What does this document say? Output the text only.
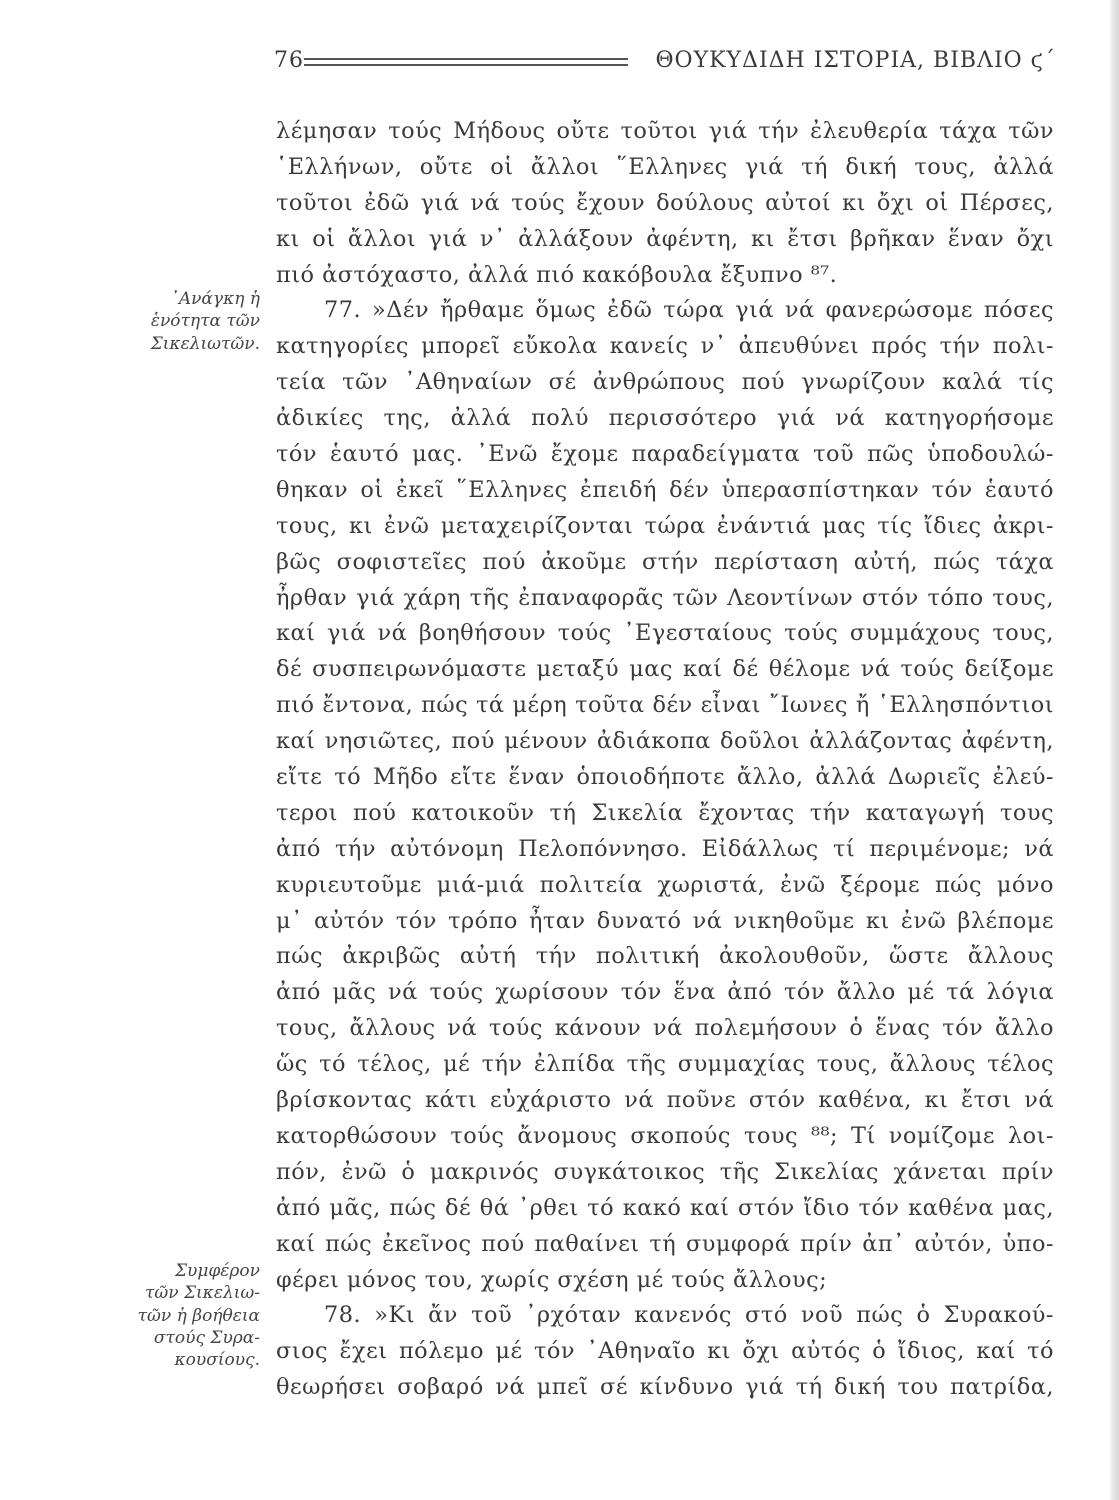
76	ΘΟΥΚΥΔΙΔΗ ΙΣΤΟΡΙΑ, ΒΙΒΛΙΟ ϛ΄
᾿Ανάγκη ἡ
ἑνότητα τῶν
Σικελιωτῶν.
Συμφέρον
τῶν Σικελιω-
τῶν ἡ βοήθεια
στούς Συρα-
κουσίους.
λέμησαν τούς Μήδους οὔτε τοῦτοι γιά τήν ἐλευθερία τάχα τῶν
῾Ελλήνων, οὔτε οἱ ἄλλοι ῞Ελληνες γιά τή δική τους, ἀλλά
τοῦτοι ἐδῶ γιά νά τούς ἔχουν δούλους αὐτοί κι ὄχι οἱ Πέρσες,
κι οἱ ἄλλοι γιά ν᾿ ἀλλάξουν ἀφέντη, κι ἔτσι βρῆκαν ἕναν ὄχι
πιό ἀστόχαστο, ἀλλά πιό κακόβουλα ἔξυπνο ⁸⁷.
77. »Δέν ἤρθαμε ὅμως ἐδῶ τώρα γιά νά φανερώσομε πόσες
κατηγορίες μπορεῖ εὔκολα κανείς ν᾿ ἀπευθύνει πρός τήν πολι-
τεία τῶν ᾿Αθηναίων σέ ἀνθρώπους πού γνωρίζουν καλά τίς
ἀδικίες της, ἀλλά πολύ περισσότερο γιά νά κατηγορήσομε
τόν ἑαυτό μας. ᾿Ενῶ ἔχομε παραδείγματα τοῦ πῶς ὑποδουλώ-
θηκαν οἱ ἐκεῖ ῞Ελληνες ἐπειδή δέν ὑπερασπίστηκαν τόν ἑαυτό
τους, κι ἐνῶ μεταχειρίζονται τώρα ἐνάντιά μας τίς ἴδιες ἀκρι-
βῶς σοφιστεῖες πού ἀκοῦμε στήν περίσταση αὐτή, πώς τάχα
ἦρθαν γιά χάρη τῆς ἐπαναφορᾶς τῶν Λεοντίνων στόν τόπο τους,
καί γιά νά βοηθήσουν τούς ᾿Εγεσταίους τούς συμμάχους τους,
δέ συσπειρωνόμαστε μεταξύ μας καί δέ θέλομε νά τούς δείξομε
πιό ἔντονα, πώς τά μέρη τοῦτα δέν εἶναι ῎Ιωνες ἤ ῾Ελλησπόντιοι
καί νησιῶτες, πού μένουν ἀδιάκοπα δοῦλοι ἀλλάζοντας ἀφέντη,
εἴτε τό Μῆδο εἴτε ἕναν ὁποιοδήποτε ἄλλο, ἀλλά Δωριεῖς ἐλεύ-
τεροι πού κατοικοῦν τή Σικελία ἔχοντας τήν καταγωγή τους
ἀπό τήν αὐτόνομη Πελοπόννησο. Εἰδάλλως τί περιμένομε; νά
κυριευτοῦμε μιά-μιά πολιτεία χωριστά, ἐνῶ ξέρομε πώς μόνο
μ᾿ αὐτόν τόν τρόπο ἦταν δυνατό νά νικηθοῦμε κι ἐνῶ βλέπομε
πώς ἀκριβῶς αὐτή τήν πολιτική ἀκολουθοῦν, ὥστε ἄλλους
ἀπό μᾶς νά τούς χωρίσουν τόν ἕνα ἀπό τόν ἄλλο μέ τά λόγια
τους, ἄλλους νά τούς κάνουν νά πολεμήσουν ὁ ἕνας τόν ἄλλο
ὥς τό τέλος, μέ τήν ἐλπίδα τῆς συμμαχίας τους, ἄλλους τέλος
βρίσκοντας κάτι εὐχάριστο νά ποῦνε στόν καθένα, κι ἔτσι νά
κατορθώσουν τούς ἄνομους σκοπούς τους ⁸⁸; Τί νομίζομε λοι-
πόν, ἐνῶ ὁ μακρινός συγκάτοικος τῆς Σικελίας χάνεται πρίν
ἀπό μᾶς, πώς δέ θά ᾿ρθει τό κακό καί στόν ἴδιο τόν καθένα μας,
καί πώς ἐκεῖνος πού παθαίνει τή συμφορά πρίν ἀπ᾿ αὐτόν, ὑπο-
φέρει μόνος του, χωρίς σχέση μέ τούς ἄλλους;
78. »Κι ἄν τοῦ ᾿ρχόταν κανενός στό νοῦ πώς ὁ Συρακού-
σιος ἔχει πόλεμο μέ τόν ᾿Αθηναῖο κι ὄχι αὐτός ὁ ἴδιος, καί τό
θεωρήσει σοβαρό νά μπεῖ σέ κίνδυνο γιά τή δική του πατρίδα,
